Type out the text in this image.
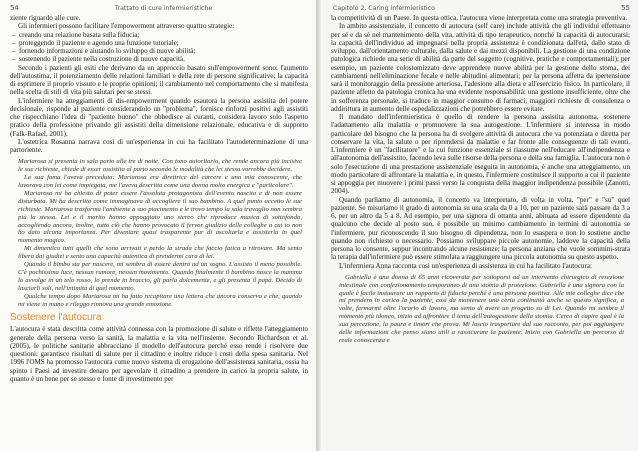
54	Trattato di cure infermieristiche

ziente riguardo alle cure.

Gli infermieri possono facilitare l'empowerment attraverso quattro strategie:

– creando una relazione basata sulla fiducia;
– proteggendo il paziente e agendo una funzione tutoriale;
– fornendo informazioni e aiutando lo sviluppo di nuove abilità;
– sostenendo il paziente nella costruzione di nuove capacità.

Secondo i pazienti gli esiti che derivano da un approccio basato sull'empowerment sono: l'aumento dell'autostima, il potenziamento delle relazioni familiari e della rete di persone significative; la capacità di esprimere il proprio vissuto e le proprie opinioni; il cambiamento nel comportamento che si manifesta nella scelta di stili di vita più salutari per se stessi.

L'infermiere ha atteggiamenti di dis-empowerment quando esautora la persona assistita del potere decisionale, risponde al paziente considerandolo un "problema", fornisce rinforzi positivi agli assistiti che rispecchiano l'idea di "paziente buono" che obbedisce ai curanti, considera lavoro solo l'aspetto pratico della professione privando gli assistiti della dimensione relazionale, educativa e di supporto (Falk-Rafael, 2001).

L'ostetrica Rosanna narrava così di un'esperienza in cui ha facilitato l'autodeterminazione di una partoriente.

Mariarosa si presenta in sala parto alle tre di notte. Con tono autoritario, che rende ancora più incisive le sue richieste, chiede di esser assistita al parto secondo le modalità che lei stessa vorrebbe decidere.

La sua fama l'aveva preceduta: Mariarosa era direttrice del carcere e una mia conoscente, che lavorava con lei come impiegata, me l'aveva descritta come una donna molto energica e "particolare".

Mariarosa mi ha chiesto di poter essere l'assoluta protagonista dell'evento nascita e di non essere disturbata. Mi ha descritto come immaginava di accogliere il suo bambino. A quel punto accetto le sue richieste. Mariarosa trasforma l'ambiente a suo piacimento e le trovo tempo la sala travaglio non sembra più la stessa. Lei e il marito hanno appoggiato uno stereo che riproduce musica di sottofondo, accogliendo ancora, inoltre, tutto ciò che hanno provocato il fervor giudizio delle colleghe a cui io non ho dato alcuna importanza. Per diventare quasi trasparente pur di ascoltarla e assisterla in quel momento magico.

Mi dimentico tutti quelli che sono arrivati e perdo la strada che faccio fatica a ritrovare. Ma sento libera dai giudizi e sento una capacità autentica di prendermi cura di lei.

Quando il bimbo sta per nascere, mi sembra di essere dentro ad un sogno. L'assisto il meno possibile. C'è pochissima luce, nessun rumore, nessun movimento. Quando finalmente il bambino nasce la mamma lo avvolge in un telo rosso, lo prende in braccio, gli parla dolcemente, e gli presenta il papà. Decido di lasciarli soli, nell'intimità di quel momento.

Qualche tempo dopo Mariarosa mi ha fatto recapitare una lettera che ancora conservo e che, quando mi viene in mano e rileggo rinnova una grande emozione.

Sostenere l'autocura

L'autocura è stata descritta come attività connessa con la promozione di salute e riflette l'atteggiamento generale della persona verso la sanità, la malattia e la vita nell'insieme. Secondo Richardson et al. (2005), le politiche sanitarie abbracciano il modello dell'autocura perché esso rende i risolvere due questioni: garantisce risultati di salute per il cittadino e inoltre riduce i costi della spesa sanitaria. Nel 1996 l'OMS ha promosso l'autocura come nuovo sistema di erogazione dell'assistenza sanitaria, ossia ha spinto i Paesi ad investire denaro per agevolare il cittadino a prendere in carico la propria salute, in quanto è un bene per se stesso e fonte di investimento per

Capitolo 2. Caring infermieristico	55

la competitività di un Paese. In questa ottica, l'autocura viene interpretata come una strategia preventiva.

In ambito assistenziale, il concetto di autocura (self care) include attività che gli individui effettuano per sé e da sé nel mantenimento della vita, attività di tipo terapeutico, nonché la capacità di autocurarsi; la capacità dell'individuo ad impegnarsi nella propria assistenza è condizionata dall'età, dallo stato di sviluppo, dall'orientamento culturale, dalla salute e dai mezzi disponibili. La gestione di una condizione patologica richiede una serie di abilità da parte del soggetto (cognitive, pratiche e comportamentali); per esempio, un paziente colostomizzato deve apprendere nuove abilità per la gestione dello stoma, dei cambiamenti nell'eliminazione fecale e nelle abitudini alimentari; per la persona affetta da ipertensione sarà il monitoraggio della pressione arteriosa, l'adesione alla dieta e all'esercizio fisico. In particolare, il paziente affetto da patologia cronica ha una evidente responsabilità: una gestione insufficiente, oltre che in sofferenza personale, si traduce in maggior consumo di farmaci, maggiori richieste di consulenza o addirittura in aumento delle ospedalizzazioni che potrebbero essere evitate.

Il mandato dell'infermieristica è quello di rendere la persona assistita autonoma, sostenere l'adattamento alla malattia e promuovere la sua autogestione. L'infermiere si interessa in modo particolare del bisogno che la persona ha di svolgere attività di autocura che va potenziata e diretta per conservare la vita, la salute o per riprendersi da malattie e far fronte alle conseguenze di tali eventi. L'infermiere è un "facilitatore" e la cui funzione essenziale si riassume nell'educare all'indipendenza e all'autonomia dell'assistito, facendo leva sulle risorse della persona e della sua famiglia. L'autocura non è solo l'esecuzione di una prestazione assistenziale eseguita in autonomia, è anche una atteggiamento, un modo particolare di affrontare la malattia e, in questo, l'infermiere costituisce il supporto a cui il paziente si appoggia per muovere i primi passi verso la conquista della maggior indipendenza possibile (Zanotti, 2004).

Quando parliamo di autonomia, il concetto va interpretato, di volta in volta, "per" e "su" quel paziente. Se misuriamo il grado di autonomia su una scala da 0 a 10, per un paziente sarà passare da 3 a 6, per un altro da 5 a 8. Ad esempio, per una signora di ottanta anni, abituata ad essere dipendente da qualcuno che decide al posto suo, è possibile un minimo cambiamento in termini di autonomia se l'infermiere, pur riconoscendo il suo bisogno di dipendenza, non lo esaspera e non lo sostiene anche quando non richiesto o necessario. Possiamo sviluppare piccole autonomie, laddove la capacità della persona lo consente, seppur incontrando alcune resistenze; la persona anziana che vuole sommini-strata la terapia dall'infermiere può essere stimolata a raggiungere una piccola autonomia su questo aspetto.

L'infermiera Anna racconta così un'esperienza di assistenza in cui ha facilitato l'autocura:

Gabriella è una donna di 65 anni ricoverata per sottoporsi ad un intervento chirurgico di resezione intestinale con confezionamento temporaneo di una stomia di protezione. Gabriella è una signora con la quale è facile instaurare un rapporto di fiducia perché è una persona positiva. Alle mie colleghe dice che mi prendero in carico la paziente, così da mantenere una certa continuità anche se questo significa, a volte, fermarmi oltre l'orario di lavoro, ma sento di avere un progetto su di Lei. Quando mi sembra il momento più idoneo, inizio ad affrontare il tema dell'autogestione della stomia. Cerco di capire qual è la sua percezione, la paura e timori che prova. Mi lascio trasportare dal suo racconto, per poi aggiungere delle informazioni che penso siano utili a rassicurare la paziente. Inizio con Gabriella un percorso di reale conoscenza e
